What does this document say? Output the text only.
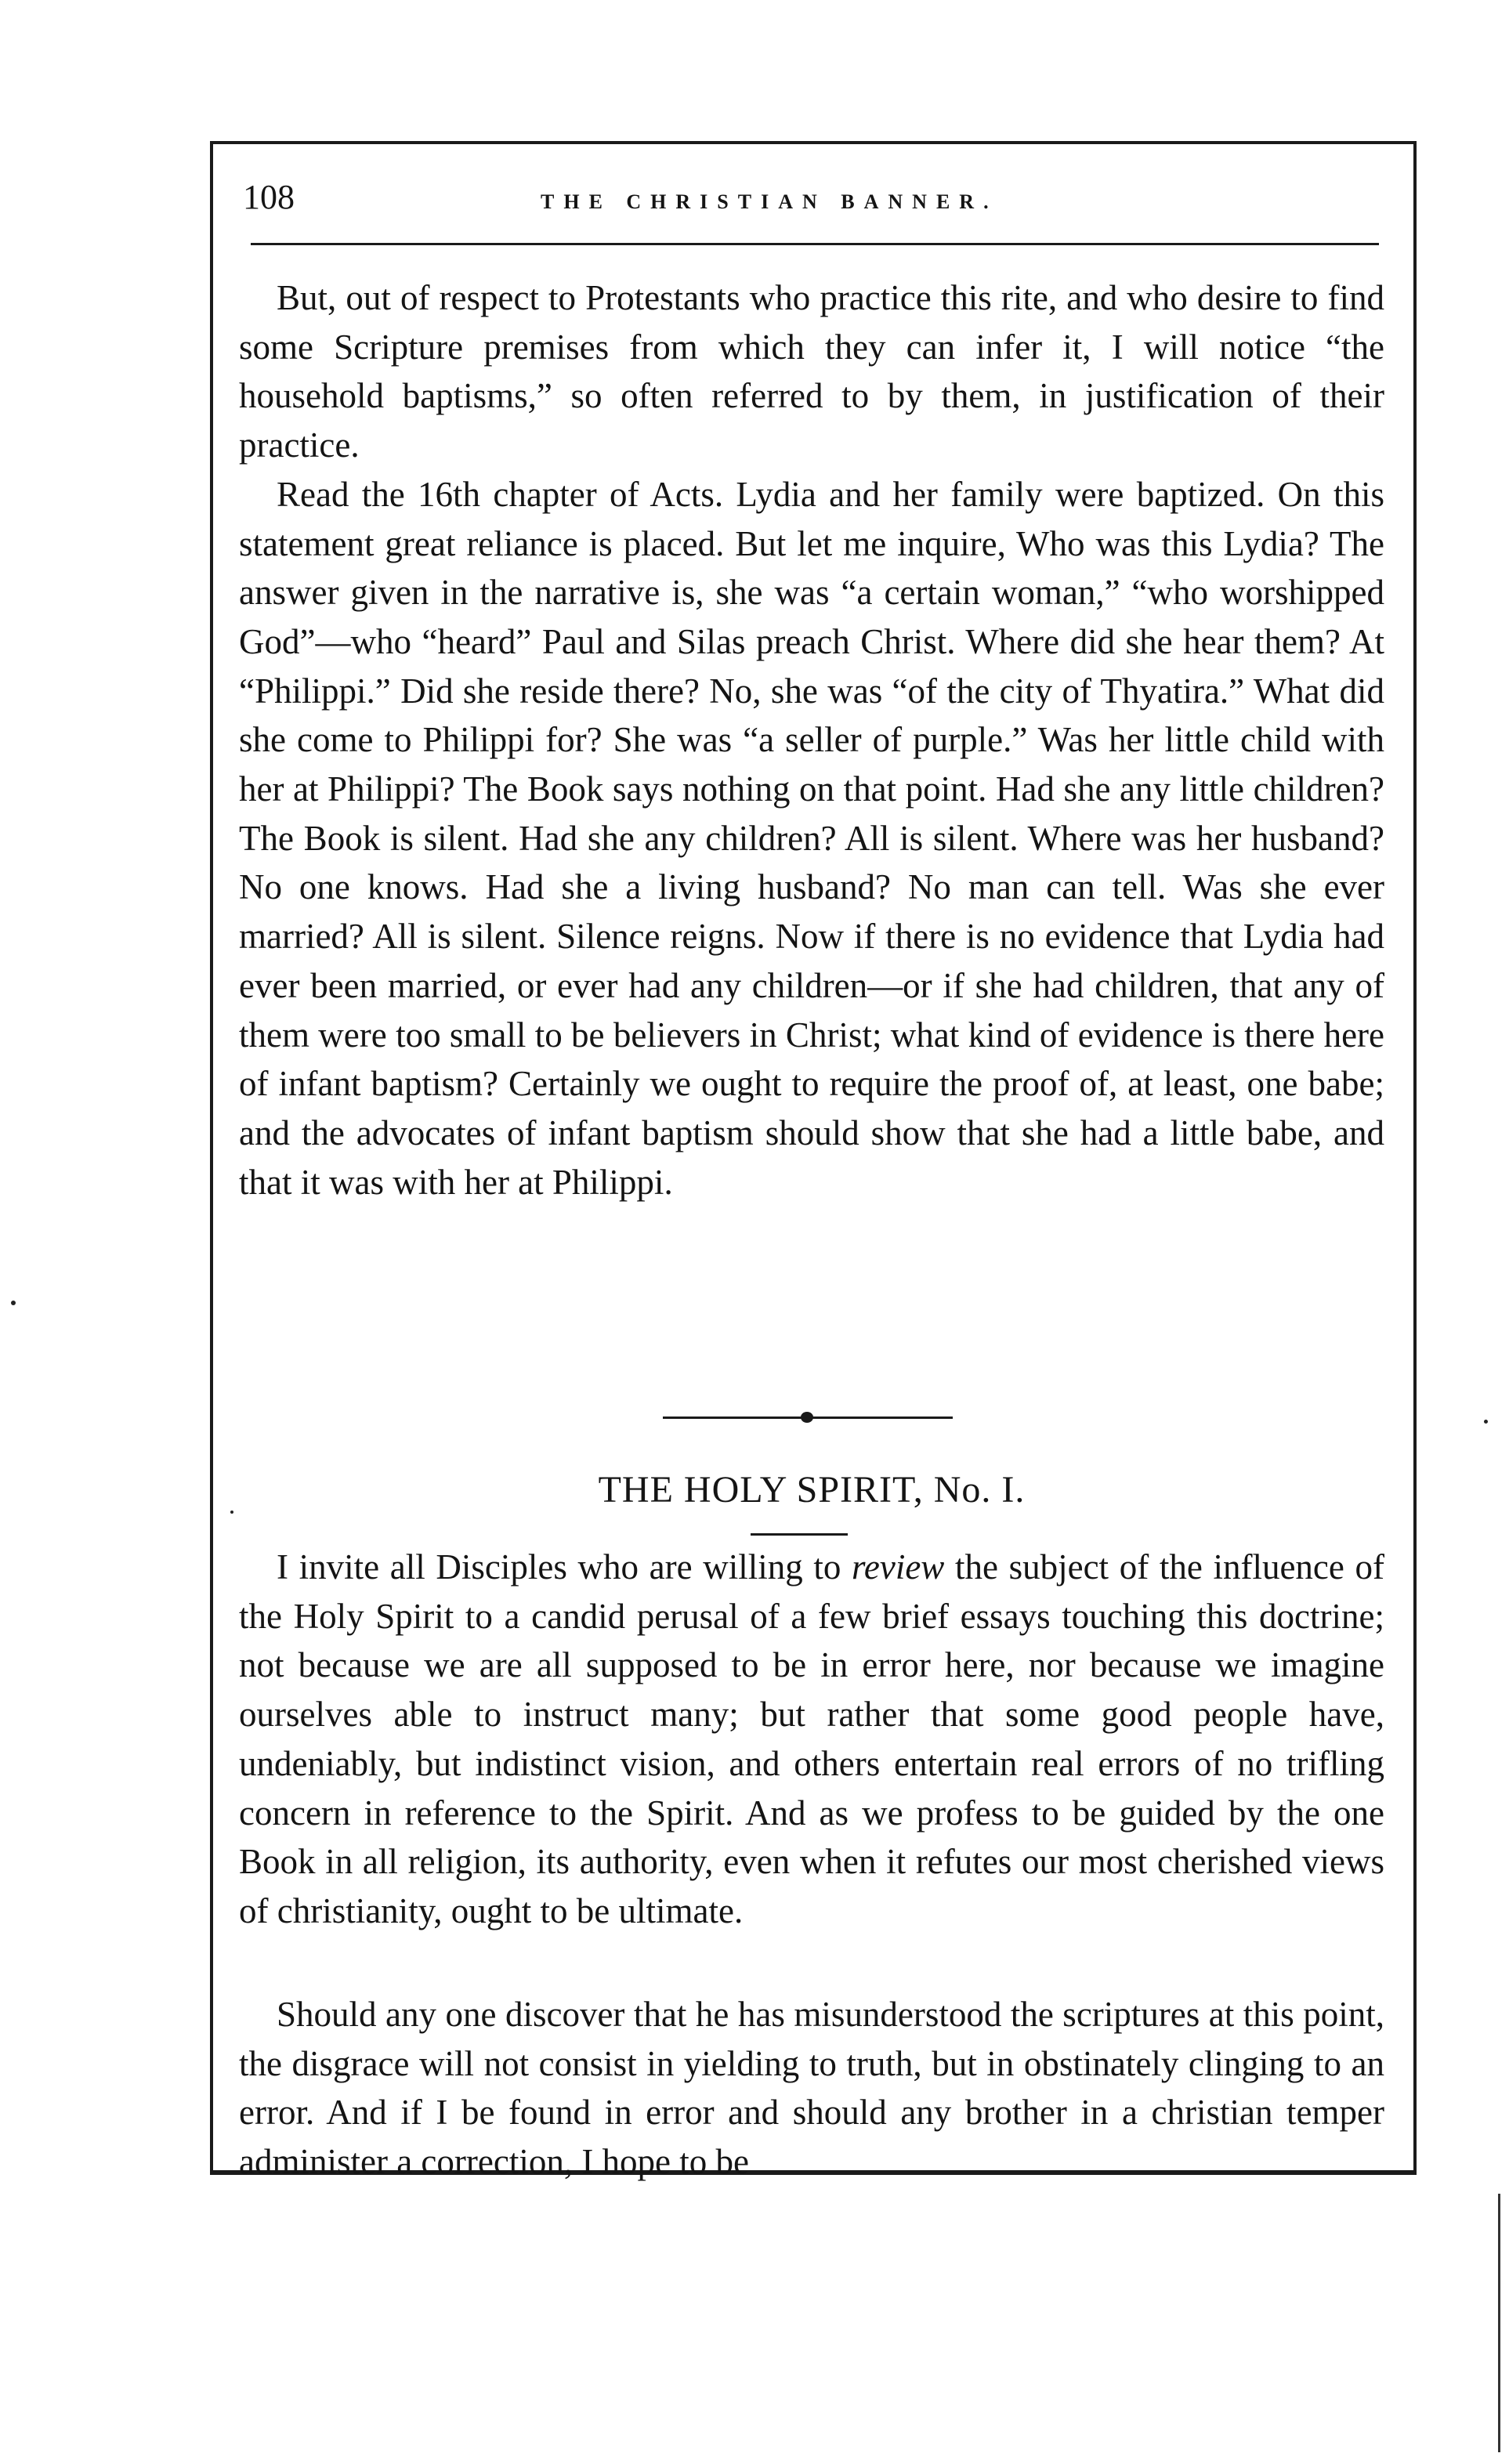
108	THE CHRISTIAN BANNER.

But, out of respect to Protestants who practice this rite, and who desire to find some Scripture premises from which they can infer it, I will notice “the household baptisms,” so often referred to by them, in justification of their practice.

Read the 16th chapter of Acts. Lydia and her family were baptized. On this statement great reliance is placed. But let me inquire, Who was this Lydia? The answer given in the narrative is, she was “a certain woman,” “who worshipped God”—who “heard” Paul and Silas preach Christ. Where did she hear them? At “Philippi.” Did she reside there? No, she was “of the city of Thyatira.” What did she come to Philippi for? She was “a seller of purple.” Was her little child with her at Philippi? The Book says nothing on that point. Had she any little children? The Book is silent. Had she any children? All is silent. Where was her husband? No one knows. Had she a living husband? No man can tell. Was she ever married? All is silent. Silence reigns. Now if there is no evidence that Lydia had ever been married, or ever had any children—or if she had children, that any of them were too small to be believers in Christ; what kind of evidence is there here of infant baptism? Certainly we ought to require the proof of, at least, one babe; and the advocates of infant baptism should show that she had a little babe, and that it was with her at Philippi.

THE HOLY SPIRIT, No. I.

I invite all Disciples who are willing to review the subject of the influence of the Holy Spirit to a candid perusal of a few brief essays touching this doctrine; not because we are all supposed to be in error here, nor because we imagine ourselves able to instruct many; but rather that some good people have, undeniably, but indistinct vision, and others entertain real errors of no trifling concern in reference to the Spirit. And as we profess to be guided by the one Book in all religion, its authority, even when it refutes our most cherished views of christianity, ought to be ultimate.

Should any one discover that he has misunderstood the scriptures at this point, the disgrace will not consist in yielding to truth, but in obstinately clinging to an error. And if I be found in error and should any brother in a christian temper administer a correction, I hope to be
